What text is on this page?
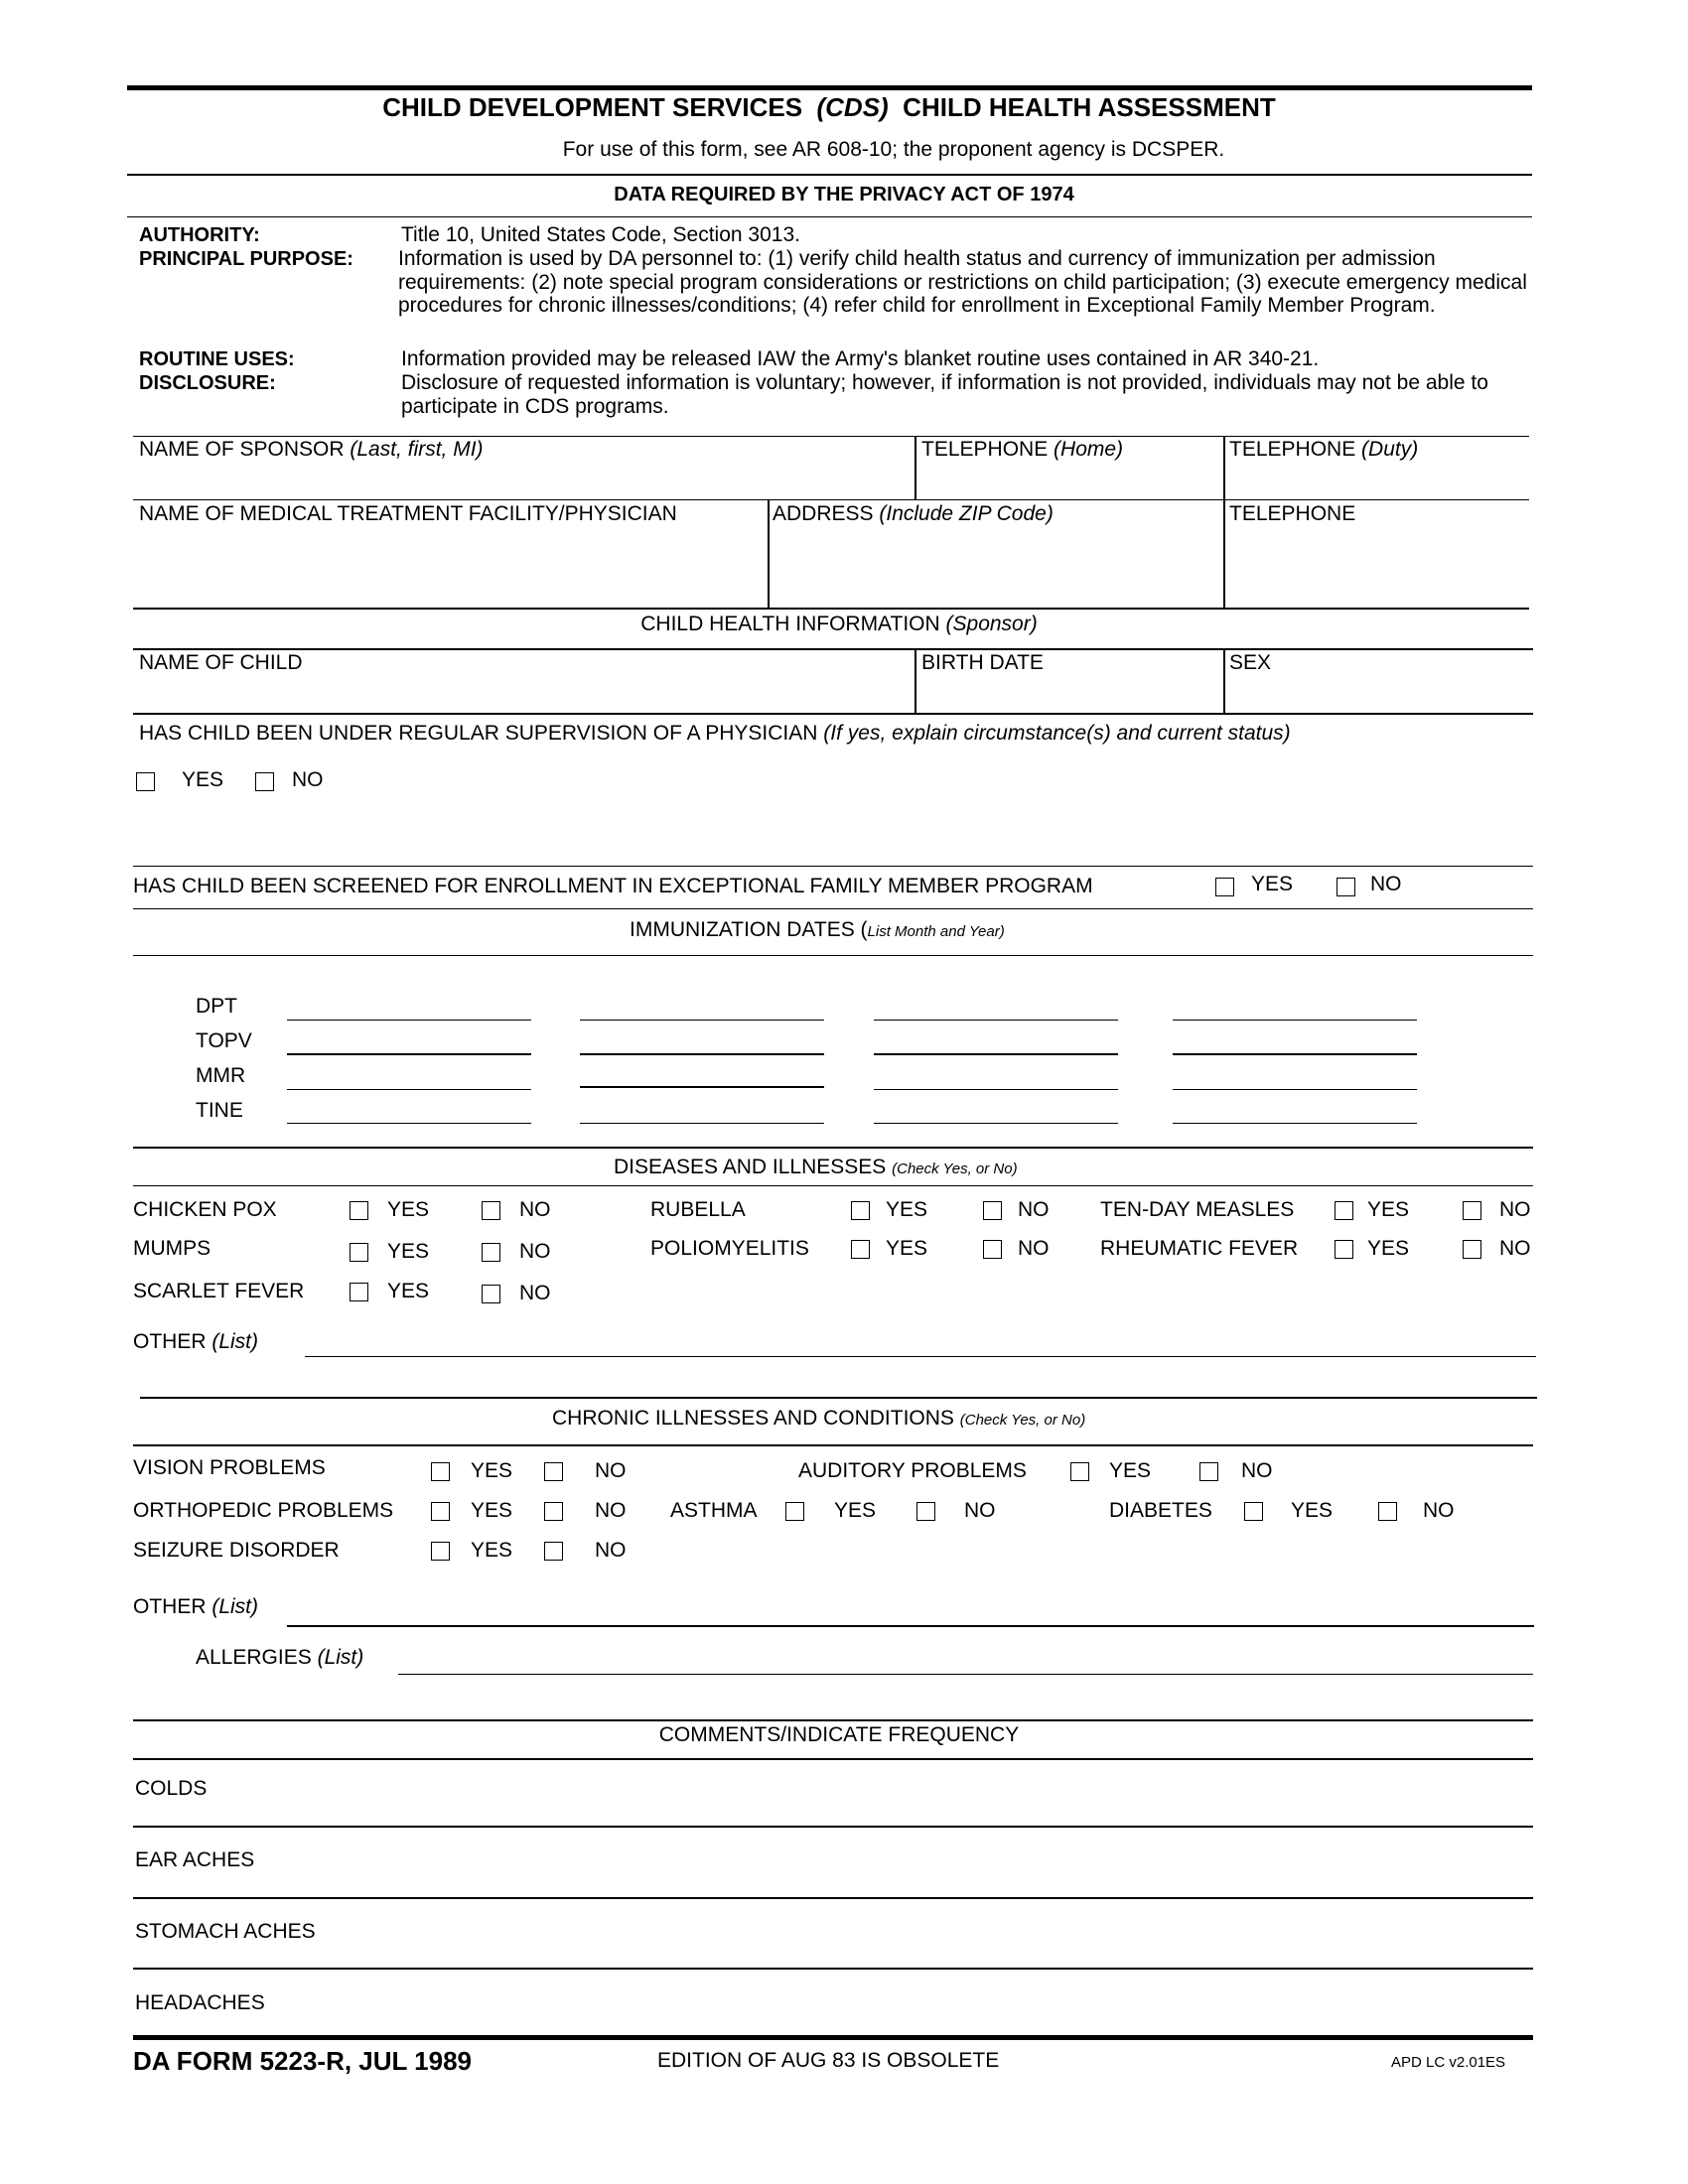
CHILD DEVELOPMENT SERVICES (CDS) CHILD HEALTH ASSESSMENT
For use of this form, see AR 608-10; the proponent agency is DCSPER.
DATA REQUIRED BY THE PRIVACY ACT OF 1974
AUTHORITY:	Title 10, United States Code, Section 3013.
PRINCIPAL PURPOSE: Information is used by DA personnel to: (1) verify child health status and currency of immunization per admission requirements: (2) note special program considerations or restrictions on child participation; (3) execute emergency medical procedures for chronic illnesses/conditions; (4) refer child for enrollment in Exceptional Family Member Program.
ROUTINE USES:	Information provided may be released IAW the Army's blanket routine uses contained in AR 340-21.
DISCLOSURE:	Disclosure of requested information is voluntary; however, if information is not provided, individuals may not be able to participate in CDS programs.
NAME OF SPONSOR (Last, first, MI)	TELEPHONE (Home)	TELEPHONE (Duty)
NAME OF MEDICAL TREATMENT FACILITY/PHYSICIAN	ADDRESS (Include ZIP Code)	TELEPHONE
CHILD HEALTH INFORMATION (Sponsor)
NAME OF CHILD	BIRTH DATE	SEX
HAS CHILD BEEN UNDER REGULAR SUPERVISION OF A PHYSICIAN (If yes, explain circumstance(s) and current status)
YES	NO
HAS CHILD BEEN SCREENED FOR ENROLLMENT IN EXCEPTIONAL FAMILY MEMBER PROGRAM	YES	NO
IMMUNIZATION DATES (List Month and Year)
DPT
TOPV
MMR
TINE
DISEASES AND ILLNESSES (Check Yes, or No)
CHICKEN POX	YES	NO	RUBELLA	YES	NO TEN-DAY MEASLES	YES	NO
MUMPS	YES	NO	POLIOMYELITIS	YES	NO RHEUMATIC FEVER	YES	NO
SCARLET FEVER	YES	NO
OTHER (List)
CHRONIC ILLNESSES AND CONDITIONS (Check Yes, or No)
VISION PROBLEMS	YES	NO	AUDITORY PROBLEMS	YES	NO
ORTHOPEDIC PROBLEMS	YES	NO ASTHMA	YES	NO	DIABETES	YES	NO
SEIZURE DISORDER	YES	NO
OTHER (List)
ALLERGIES (List)
COMMENTS/INDICATE FREQUENCY
COLDS
EAR ACHES
STOMACH ACHES
HEADACHES
DA FORM 5223-R, JUL 1989	EDITION OF AUG 83 IS OBSOLETE	APD LC v2.01ES
